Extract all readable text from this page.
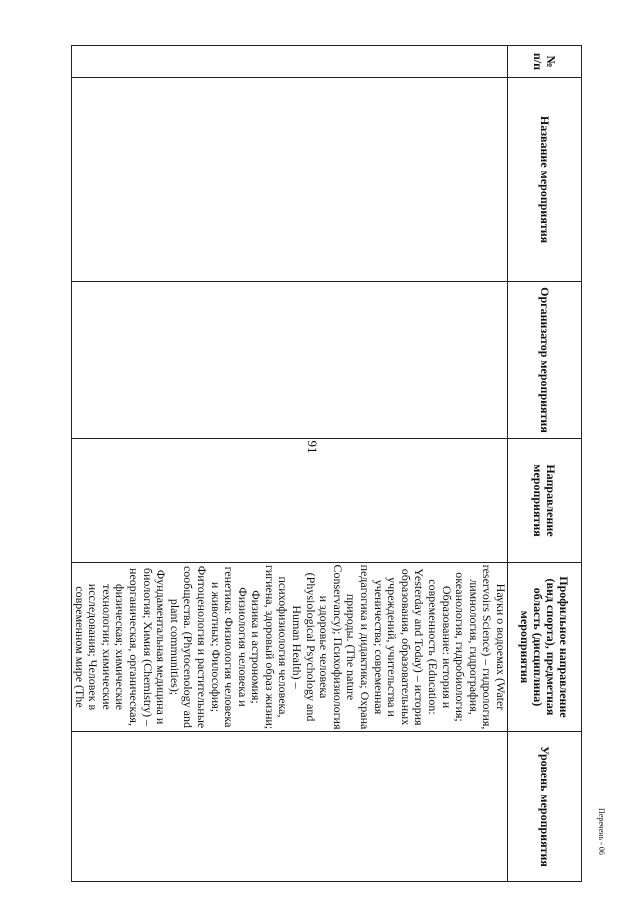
91
№ п/п	Название мероприятия	Организатор мероприятия	Направление мероприятия	Профильное направление (вид спорта), предметная область (дисциплина) мероприятия	Уровень мероприятия
				Науки о водоемах (Water reservoirs Science) – гидрология, лимнология, гидрография, океанология, гидробиология; Образование: история и современность (Education: Yesterday and Today) – история образования, образовательных учреждений, учительства и ученичества; современная педагогика и дидактика; Охрана природы. (The nature Conservancy); Психофизиология и здоровье человека (Physiological Psychology and Human Health) – психофизиология человека, гигиена, здоровый образ жизни; Физика и астрономия; Физиология человека и генетика: Физиология человека и животных; Философия; Фитоценология и растительные сообщества. (Phytocenology and plant communities); Фундаментальная медицина и биология; Химия (Chemistry) – неорганическая, органическая, физическая; химические технологии; химические исследования; Человек в современном мире (The	
Перечень - 06
